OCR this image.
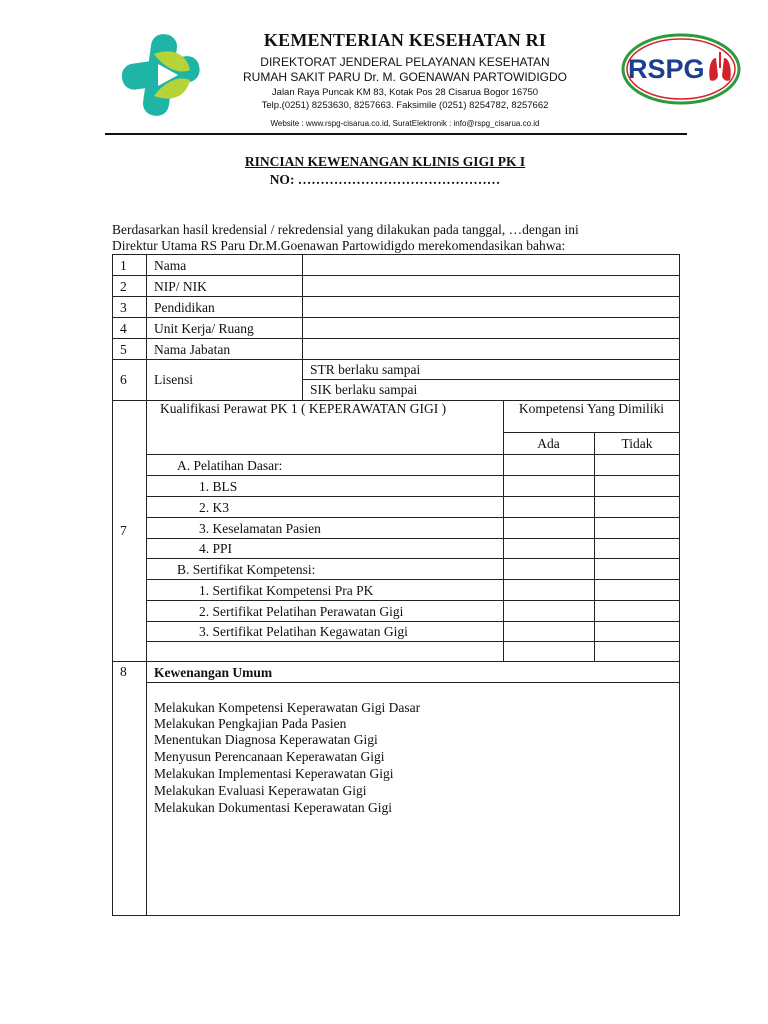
RSPG
KEMENTERIAN KESEHATAN RI
DIREKTORAT JENDERAL PELAYANAN KESEHATAN
RUMAH SAKIT PARU Dr. M. GOENAWAN PARTOWIDIGDO
Jalan Raya Puncak KM 83, Kotak Pos 28 Cisarua Bogor 16750
Telp.(0251) 8253630, 8257663. Faksimile (0251) 8254782, 8257662
Website : www.rspg-cisarua.co.id, SuratElektronik : info@rspg_cisarua.co.id
RINCIAN KEWENANGAN KLINIS GIGI PK I
NO: ………………………………………
Berdasarkan hasil kredensial / rekredensial yang dilakukan pada tanggal, …dengan ini
Direktur Utama RS Paru Dr.M.Goenawan Partowidigdo merekomendasikan bahwa:
1 Nama
2 NIP/ NIK
3 Pendidikan
4 Unit Kerja/ Ruang
5 Nama Jabatan
6 Lisensi
STR berlaku sampai
SIK berlaku sampai
7
Kualifikasi Perawat PK 1 ( KEPERAWATAN GIGI )	Kompetensi Yang Dimiliki
Ada	Tidak
A. Pelatihan Dasar:
1. BLS
2. K3
3. Keselamatan Pasien
4. PPI
B. Sertifikat Kompetensi:
1. Sertifikat Kompetensi Pra PK
2. Sertifikat Pelatihan Perawatan Gigi
3. Sertifikat Pelatihan Kegawatan Gigi
8 Kewenangan Umum
Melakukan Kompetensi Keperawatan Gigi Dasar
Melakukan Pengkajian Pada Pasien
Menentukan Diagnosa Keperawatan Gigi
Menyusun Perencanaan Keperawatan Gigi
Melakukan Implementasi Keperawatan Gigi
Melakukan Evaluasi Keperawatan Gigi
Melakukan Dokumentasi Keperawatan Gigi
